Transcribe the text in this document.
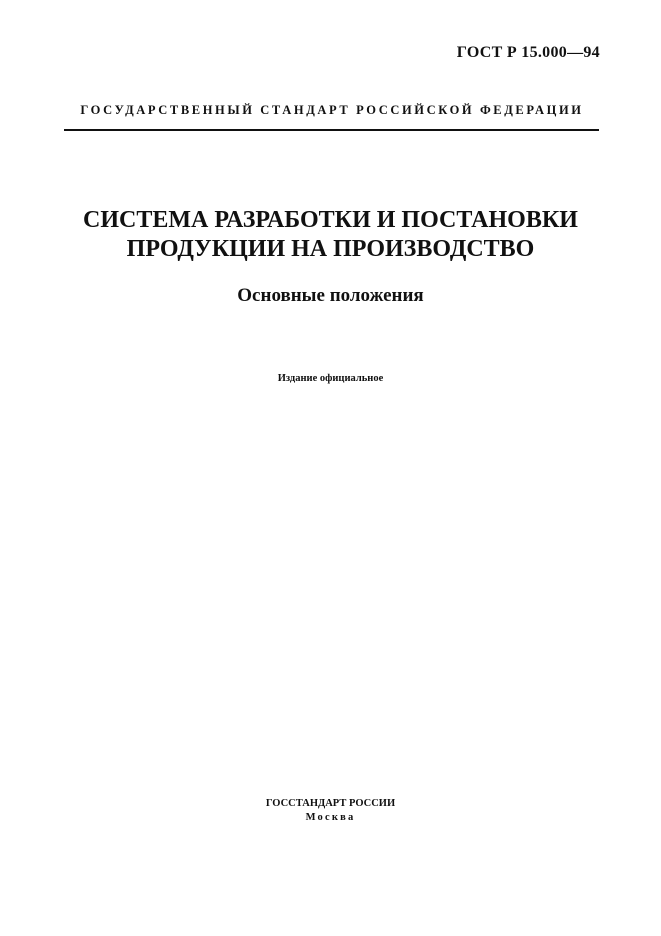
ГОСТ Р 15.000—94
ГОСУДАРСТВЕННЫЙ СТАНДАРТ РОССИЙСКОЙ ФЕДЕРАЦИИ
СИСТЕМА РАЗРАБОТКИ И ПОСТАНОВКИ
ПРОДУКЦИИ НА ПРОИЗВОДСТВО
Основные положения
Издание официальное
ГОССТАНДАРТ РОССИИ
Москва
